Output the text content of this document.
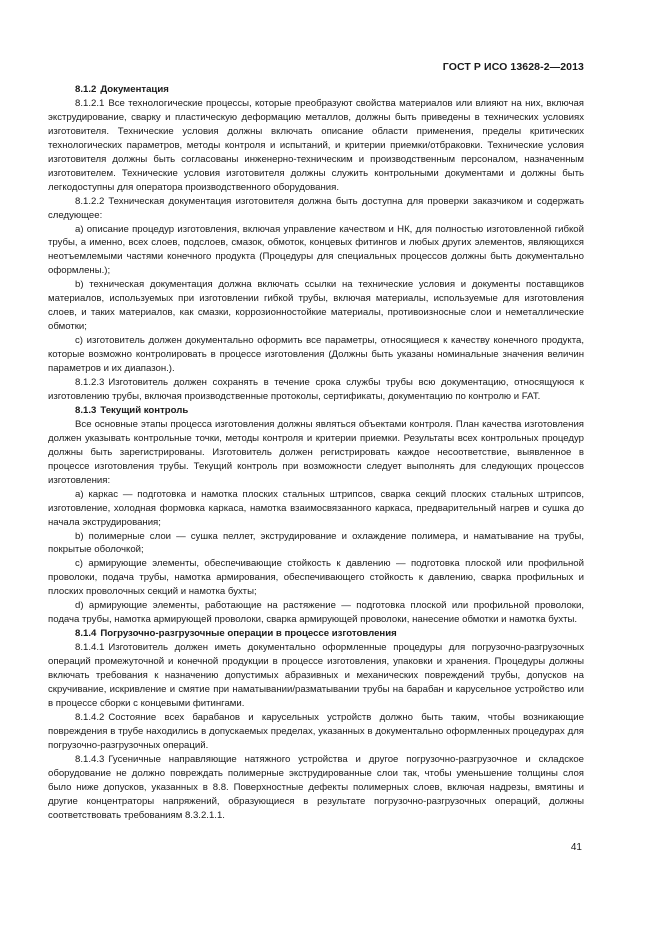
ГОСТ Р ИСО 13628-2—2013

8.1.2 Документация

8.1.2.1 Все технологические процессы, которые преобразуют свойства материалов или влияют на них, включая экструдирование, сварку и пластическую деформацию металлов, должны быть приведены в технических условиях изготовителя. Технические условия должны включать описание области применения, пределы критических технологических параметров, методы контроля и испытаний, и критерии приемки/отбраковки. Технические условия изготовителя должны быть согласованы инженерно-техническим и производственным персоналом, назначенным изготовителем. Технические условия изготовителя должны служить контрольными документами и должны быть легкодоступны для оператора производственного оборудования.

8.1.2.2 Техническая документация изготовителя должна быть доступна для проверки заказчиком и содержать следующее:

а) описание процедур изготовления, включая управление качеством и НК, для полностью изготовленной гибкой трубы, а именно, всех слоев, подслоев, смазок, обмоток, концевых фитингов и любых других элементов, являющихся неотъемлемыми частями конечного продукта (Процедуры для специальных процессов должны быть документально оформлены.);

b) техническая документация должна включать ссылки на технические условия и документы поставщиков материалов, используемых при изготовлении гибкой трубы, включая материалы, используемые для изготовления слоев, и таких материалов, как смазки, коррозионностойкие материалы, противоизносные слои и неметаллические обмотки;

c) изготовитель должен документально оформить все параметры, относящиеся к качеству конечного продукта, которые возможно контролировать в процессе изготовления (Должны быть указаны номинальные значения величин параметров и их диапазон.).

8.1.2.3 Изготовитель должен сохранять в течение срока службы трубы всю документацию, относящуюся к изготовлению трубы, включая производственные протоколы, сертификаты, документацию по контролю и FAT.

8.1.3 Текущий контроль

Все основные этапы процесса изготовления должны являться объектами контроля. План качества изготовления должен указывать контрольные точки, методы контроля и критерии приемки. Результаты всех контрольных процедур должны быть зарегистрированы. Изготовитель должен регистрировать каждое несоответствие, выявленное в процессе изготовления трубы. Текущий контроль при возможности следует выполнять для следующих процессов изготовления:

а) каркас — подготовка и намотка плоских стальных штрипсов, сварка секций плоских стальных штрипсов, изготовление, холодная формовка каркаса, намотка взаимосвязанного каркаса, предварительный нагрев и сушка до начала экструдирования;

b) полимерные слои — сушка пеллет, экструдирование и охлаждение полимера, и наматывание на трубы, покрытые оболочкой;

c) армирующие элементы, обеспечивающие стойкость к давлению — подготовка плоской или профильной проволоки, подача трубы, намотка армирования, обеспечивающего стойкость к давлению, сварка профильных и плоских проволочных секций и намотка бухты;

d) армирующие элементы, работающие на растяжение — подготовка плоской или профильной проволоки, подача трубы, намотка армирующей проволоки, сварка армирующей проволоки, нанесение обмотки и намотка бухты.

8.1.4 Погрузочно-разгрузочные операции в процессе изготовления

8.1.4.1 Изготовитель должен иметь документально оформленные процедуры для погрузочно-разгрузочных операций промежуточной и конечной продукции в процессе изготовления, упаковки и хранения. Процедуры должны включать требования к назначению допустимых абразивных и механических повреждений трубы, допусков на скручивание, искривление и смятие при наматывании/разматывании трубы на барабан и карусельное устройство или в процессе сборки с концевыми фитингами.

8.1.4.2 Состояние всех барабанов и карусельных устройств должно быть таким, чтобы возникающие повреждения в трубе находились в допускаемых пределах, указанных в документально оформленных процедурах для погрузочно-разгрузочных операций.

8.1.4.3 Гусеничные направляющие натяжного устройства и другое погрузочно-разгрузочное и складское оборудование не должно повреждать полимерные экструдированные слои так, чтобы уменьшение толщины слоя было ниже допусков, указанных в 8.8. Поверхностные дефекты полимерных слоев, включая надрезы, вмятины и другие концентраторы напряжений, образующиеся в результате погрузочно-разгрузочных операций, должны соответствовать требованиям 8.3.2.1.1.

41
